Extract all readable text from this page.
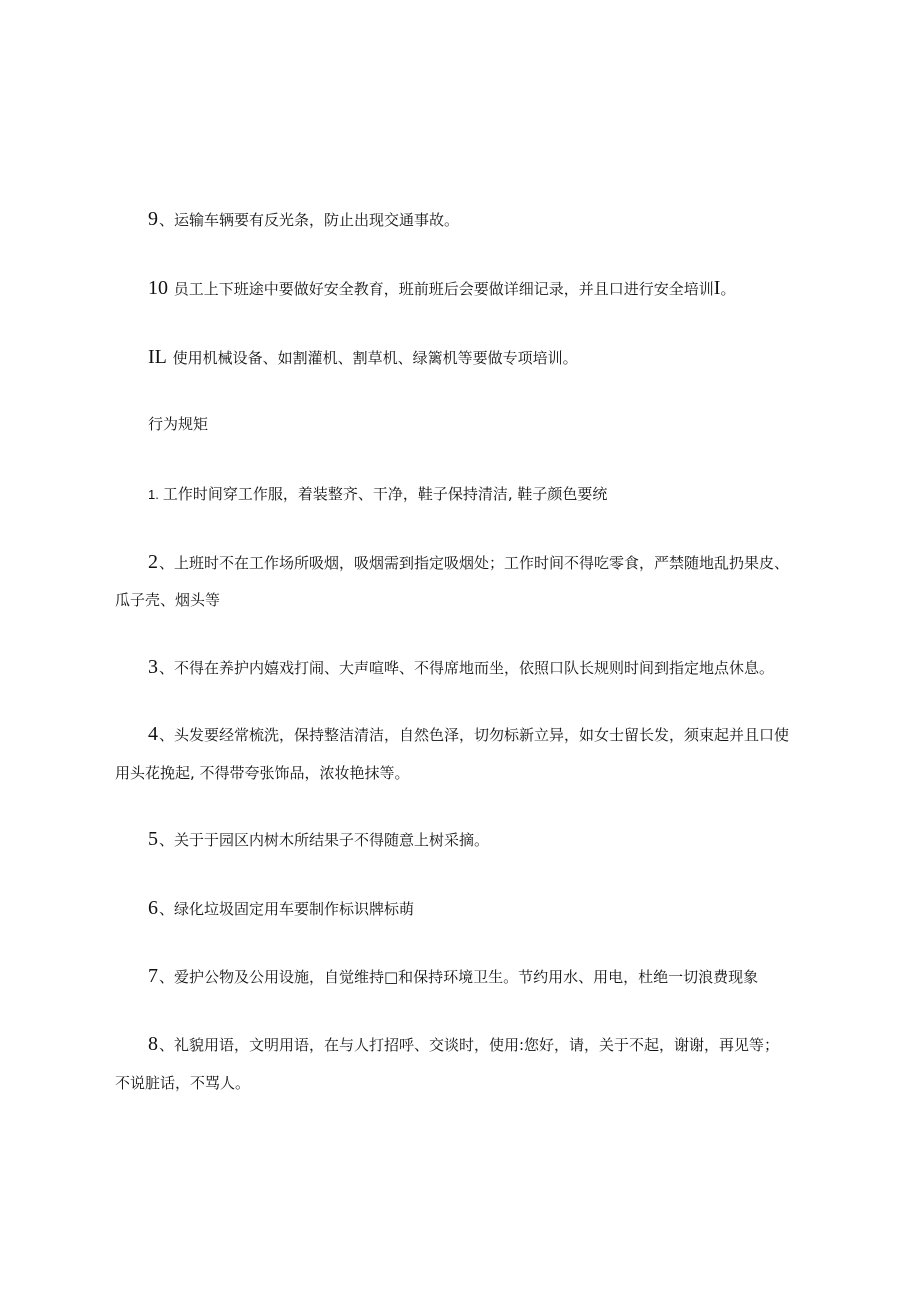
9、运输车辆要有反光条，防止出现交通事故。
10 员工上下班途中要做好安全教育，班前班后会要做详细记录，并且口进行安全培训I。
IL 使用机械设备、如割灌机、割草机、绿篱机等要做专项培训。
行为规矩
1. 工作时间穿工作服，着装整齐、干净，鞋子保持清洁, 鞋子颜色要统
2、上班时不在工作场所吸烟，吸烟需到指定吸烟处；工作时间不得吃零食，严禁随地乱扔果皮、
瓜子壳、烟头等
3、不得在养护内嬉戏打闹、大声喧哗、不得席地而坐，依照口队长规则时间到指定地点休息。
4、头发要经常梳洗，保持整洁清洁，自然色泽，切勿标新立异，如女士留长发，须束起并且口使
用头花挽起, 不得带夸张饰品，浓妆艳抹等。
5、关于于园区内树木所结果子不得随意上树采摘。
6、绿化垃圾固定用车要制作标识牌标萌
7、爱护公物及公用设施，自觉维持□和保持环境卫生。节约用水、用电，杜绝一切浪费现象
8、礼貌用语，文明用语，在与人打招呼、交谈时，使用:您好，请，关于不起，谢谢，再见等；
不说脏话，不骂人。
